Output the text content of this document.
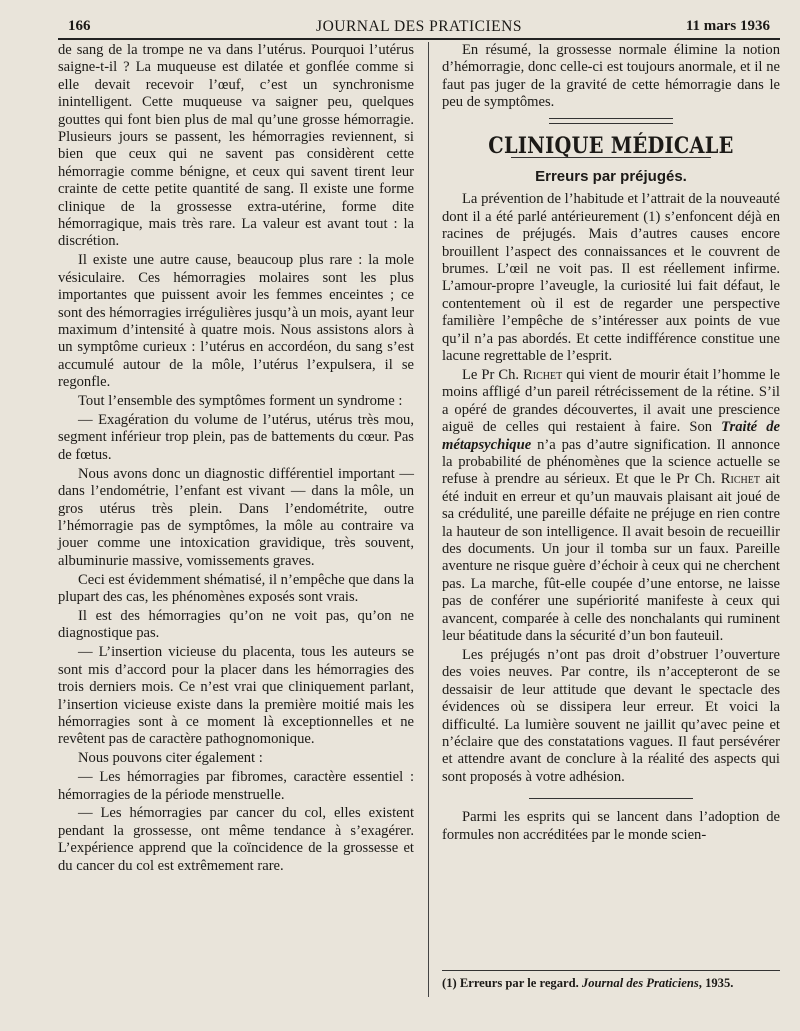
166	JOURNAL DES PRATICIENS	11 mars 1936

de sang de la trompe ne va dans l’utérus. Pourquoi l’utérus saigne-t-il ? La muqueuse est dilatée et gonflée comme si elle devait recevoir l’œuf, c’est un synchronisme inintelligent. Cette muqueuse va saigner peu, quelques gouttes qui font bien plus de mal qu’une grosse hémorragie. Plusieurs jours se passent, les hémorragies reviennent, si bien que ceux qui ne savent pas considèrent cette hémorragie comme bénigne, et ceux qui savent tirent leur crainte de cette petite quantité de sang. Il existe une forme clinique de la grossesse extra-utérine, forme dite hémorragique, mais très rare. La valeur est avant tout : la discrétion.

Il existe une autre cause, beaucoup plus rare : la mole vésiculaire. Ces hémorragies molaires sont les plus importantes que puissent avoir les femmes enceintes ; ce sont des hémorragies irrégulières jusqu’à un mois, ayant leur maximum d’intensité à quatre mois. Nous assistons alors à un symptôme curieux : l’utérus en accordéon, du sang s’est accumulé autour de la môle, l’utérus l’expulsera, il se regonfle.

Tout l’ensemble des symptômes forment un syndrome :

— Exagération du volume de l’utérus, utérus très mou, segment inférieur trop plein, pas de battements du cœur. Pas de fœtus.

Nous avons donc un diagnostic différentiel important — dans l’endométrie, l’enfant est vivant — dans la môle, un gros utérus très plein. Dans l’endométrite, outre l’hémorragie pas de symptômes, la môle au contraire va jouer comme une intoxication gravidique, très souvent, albuminurie massive, vomissements graves.

Ceci est évidemment shématisé, il n’empêche que dans la plupart des cas, les phénomènes exposés sont vrais.

Il est des hémorragies qu’on ne voit pas, qu’on ne diagnostique pas.

— L’insertion vicieuse du placenta, tous les auteurs se sont mis d’accord pour la placer dans les hémorragies des trois derniers mois. Ce n’est vrai que cliniquement parlant, l’insertion vicieuse existe dans la première moitié mais les hémorragies sont à ce moment là exceptionnelles et ne revêtent pas de caractère pathognomonique.

Nous pouvons citer également :

— Les hémorragies par fibromes, caractère essentiel : hémorragies de la période menstruelle.

— Les hémorragies par cancer du col, elles existent pendant la grossesse, ont même tendance à s’exagérer. L’expérience apprend que la coïncidence de la grossesse et du cancer du col est extrêmement rare.

En résumé, la grossesse normale élimine la notion d’hémorragie, donc celle-ci est toujours anormale, et il ne faut pas juger de la gravité de cette hémorragie dans le peu de symptômes.

CLINIQUE MÉDICALE
Erreurs par préjugés.

La prévention de l’habitude et l’attrait de la nouveauté dont il a été parlé antérieurement (1) s’enfoncent déjà en racines de préjugés. Mais d’autres causes encore brouillent l’aspect des connaissances et le couvrent de brumes. L’œil ne voit pas. Il est réellement infirme. L’amour-propre l’aveugle, la curiosité lui fait défaut, le contentement où il est de regarder une perspective familière l’empêche de s’intéresser aux points de vue qu’il n’a pas abordés. Et cette indifférence constitue une lacune regrettable de l’esprit.

Le Pr Ch. Richet qui vient de mourir était l’homme le moins affligé d’un pareil rétrécissement de la rétine. S’il a opéré de grandes découvertes, il avait une prescience aiguë de celles qui restaient à faire. Son Traité de métapsychique n’a pas d’autre signification. Il annonce la probabilité de phénomènes que la science actuelle se refuse à prendre au sérieux. Et que le Pr Ch. Richet ait été induit en erreur et qu’un mauvais plaisant ait joué de sa crédulité, une pareille défaite ne préjuge en rien contre la hauteur de son intelligence. Il avait besoin de recueillir des documents. Un jour il tomba sur un faux. Pareille aventure ne risque guère d’échoir à ceux qui ne cherchent pas. La marche, fût-elle coupée d’une entorse, ne laisse pas de conférer une supériorité manifeste à ceux qui avancent, comparée à celle des nonchalants qui ruminent leur béatitude dans la sécurité d’un bon fauteuil.

Les préjugés n’ont pas droit d’obstruer l’ouverture des voies neuves. Par contre, ils n’accepteront de se dessaisir de leur attitude que devant le spectacle des évidences où se dissipera leur erreur. Et voici la difficulté. La lumière souvent ne jaillit qu’avec peine et n’éclaire que des constatations vagues. Il faut persévérer et attendre avant de conclure à la réalité des aspects qui sont proposés à votre adhésion.

Parmi les esprits qui se lancent dans l’adoption de formules non accréditées par le monde scien-

(1) Erreurs par le regard. Journal des Praticiens, 1935.
